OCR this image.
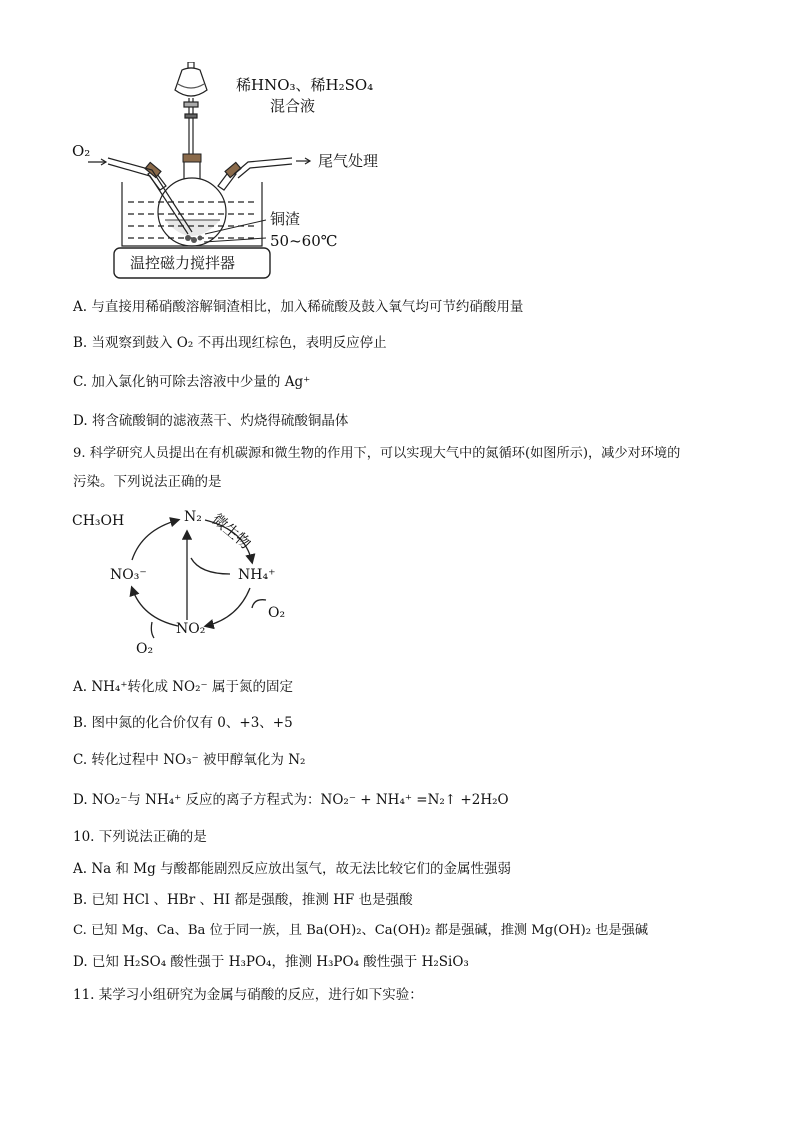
稀HNO₃、稀H₂SO₄
混合液
O₂
尾气处理
铜渣
50~60℃
温控磁力搅拌器
A. 与直接用稀硝酸溶解铜渣相比，加入稀硫酸及鼓入氧气均可节约硝酸用量
B. 当观察到鼓入 O₂ 不再出现红棕色，表明反应停止
C. 加入氯化钠可除去溶液中少量的 Ag⁺
D. 将含硫酸铜的滤液蒸干、灼烧得硫酸铜晶体
9. 科学研究人员提出在有机碳源和微生物的作用下，可以实现大气中的氮循环(如图所示)，减少对环境的
污染。下列说法正确的是
CH₃OH	N₂ 微生物
NH₄⁺
NO₃⁻
NO₂⁻
O₂
O₂
A. NH₄⁺转化成 NO₂⁻ 属于氮的固定
B. 图中氮的化合价仅有 0、+3、+5
C. 转化过程中 NO₃⁻ 被甲醇氧化为 N₂
D. NO₂⁻与 NH₄⁺ 反应的离子方程式为：NO₂⁻ + NH₄⁺ =N₂↑ +2H₂O
10. 下列说法正确的是
A. Na 和 Mg 与酸都能剧烈反应放出氢气，故无法比较它们的金属性强弱
B. 已知 HCl 、HBr 、HI 都是强酸，推测 HF 也是强酸
C. 已知 Mg、Ca、Ba 位于同一族，且 Ba(OH)₂、Ca(OH)₂ 都是强碱，推测 Mg(OH)₂ 也是强碱
D. 已知 H₂SO₄ 酸性强于 H₃PO₄，推测 H₃PO₄ 酸性强于 H₂SiO₃
11. 某学习小组研究为金属与硝酸的反应，进行如下实验：
